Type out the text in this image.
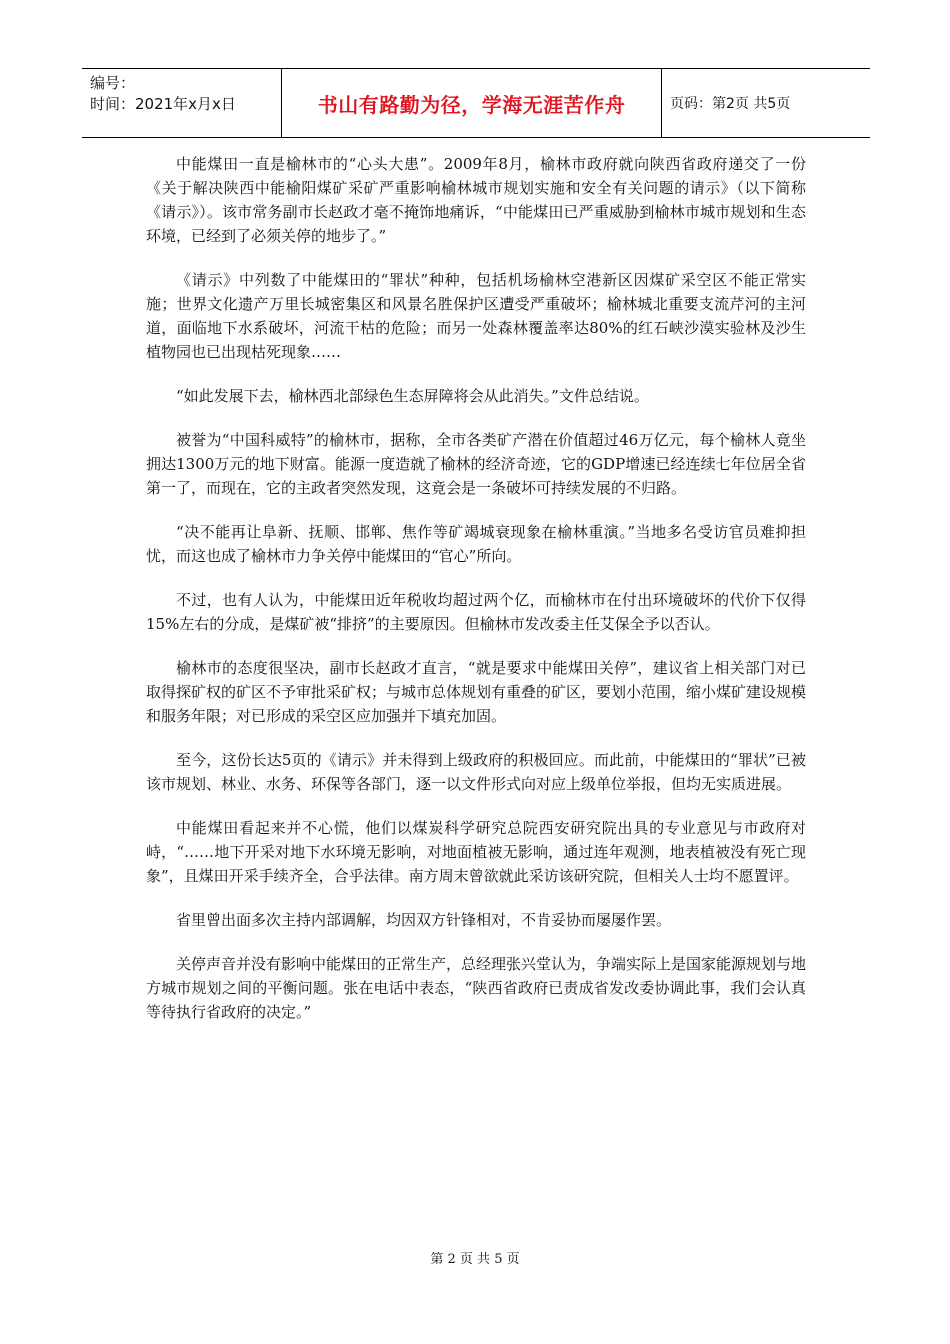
编号：
时间：2021年x月x日	书山有路勤为径，学海无涯苦作舟	页码：第2页 共5页

中能煤田一直是榆林市的“心头大患”。2009年8月，榆林市政府就向陕西省政府递交了一份《关于解决陕西中能榆阳煤矿采矿严重影响榆林城市规划实施和安全有关问题的请示》（以下简称《请示》）。该市常务副市长赵政才毫不掩饰地痛诉，“中能煤田已严重威胁到榆林市城市规划和生态环境，已经到了必须关停的地步了。”

《请示》中列数了中能煤田的“罪状”种种，包括机场榆林空港新区因煤矿采空区不能正常实施；世界文化遗产万里长城密集区和风景名胜保护区遭受严重破坏；榆林城北重要支流芹河的主河道，面临地下水系破坏，河流干枯的危险；而另一处森林覆盖率达80%的红石峡沙漠实验林及沙生植物园也已出现枯死现象……

“如此发展下去，榆林西北部绿色生态屏障将会从此消失。”文件总结说。

被誉为“中国科威特”的榆林市，据称，全市各类矿产潜在价值超过46万亿元，每个榆林人竟坐拥达1300万元的地下财富。能源一度造就了榆林的经济奇迹，它的GDP增速已经连续七年位居全省第一了，而现在，它的主政者突然发现，这竟会是一条破坏可持续发展的不归路。

“决不能再让阜新、抚顺、邯郸、焦作等矿竭城衰现象在榆林重演。”当地多名受访官员难抑担忧，而这也成了榆林市力争关停中能煤田的“官心”所向。

不过，也有人认为，中能煤田近年税收均超过两个亿，而榆林市在付出环境破坏的代价下仅得15%左右的分成，是煤矿被“排挤”的主要原因。但榆林市发改委主任艾保全予以否认。

榆林市的态度很坚决，副市长赵政才直言，“就是要求中能煤田关停”，建议省上相关部门对已取得探矿权的矿区不予审批采矿权；与城市总体规划有重叠的矿区，要划小范围，缩小煤矿建设规模和服务年限；对已形成的采空区应加强并下填充加固。

至今，这份长达5页的《请示》并未得到上级政府的积极回应。而此前，中能煤田的“罪状”已被该市规划、林业、水务、环保等各部门，逐一以文件形式向对应上级单位举报，但均无实质进展。

中能煤田看起来并不心慌，他们以煤炭科学研究总院西安研究院出具的专业意见与市政府对峙，“……地下开采对地下水环境无影响，对地面植被无影响，通过连年观测，地表植被没有死亡现象”，且煤田开采手续齐全，合乎法律。南方周末曾欲就此采访该研究院，但相关人士均不愿置评。

省里曾出面多次主持内部调解，均因双方针锋相对，不肯妥协而屡屡作罢。

关停声音并没有影响中能煤田的正常生产，总经理张兴堂认为，争端实际上是国家能源规划与地方城市规划之间的平衡问题。张在电话中表态，“陕西省政府已责成省发改委协调此事，我们会认真等待执行省政府的决定。”

第 2 页 共 5 页
